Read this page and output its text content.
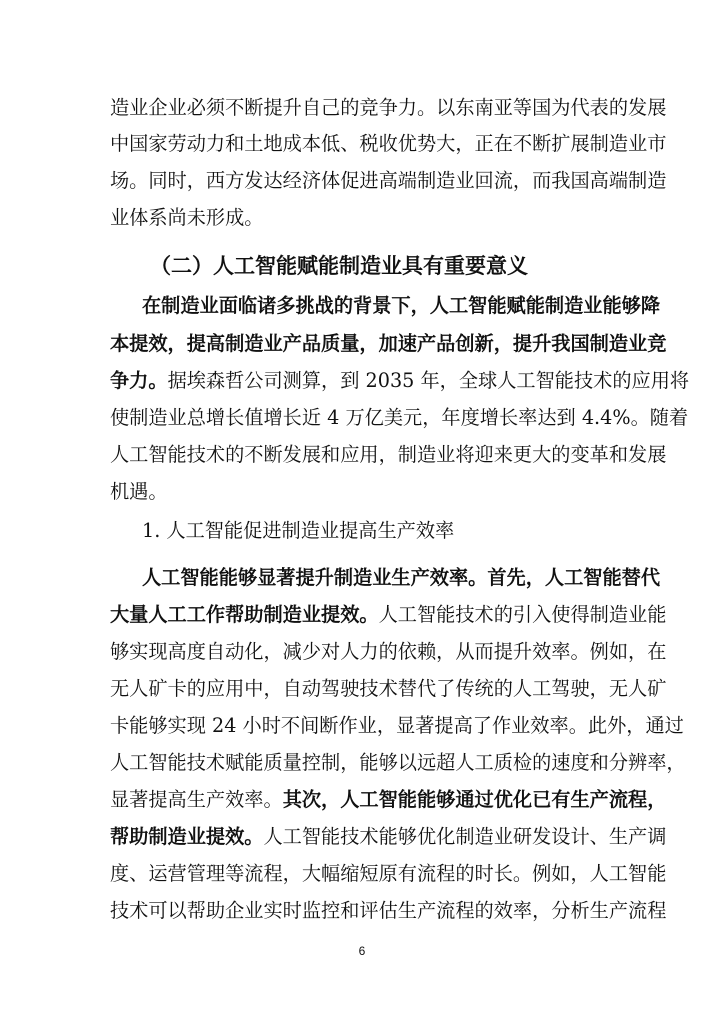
造业企业必须不断提升自己的竞争力。以东南亚等国为代表的发展
中国家劳动力和土地成本低、税收优势大，正在不断扩展制造业市
场。同时，西方发达经济体促进高端制造业回流，而我国高端制造
业体系尚未形成。
（二）人工智能赋能制造业具有重要意义
在制造业面临诸多挑战的背景下，人工智能赋能制造业能够降
本提效，提高制造业产品质量，加速产品创新，提升我国制造业竞
争力。据埃森哲公司测算，到 2035 年，全球人工智能技术的应用将
使制造业总增长值增长近 4 万亿美元，年度增长率达到 4.4%。随着
人工智能技术的不断发展和应用，制造业将迎来更大的变革和发展
机遇。
1. 人工智能促进制造业提高生产效率
人工智能能够显著提升制造业生产效率。首先，人工智能替代
大量人工工作帮助制造业提效。人工智能技术的引入使得制造业能
够实现高度自动化，减少对人力的依赖，从而提升效率。例如，在
无人矿卡的应用中，自动驾驶技术替代了传统的人工驾驶，无人矿
卡能够实现 24 小时不间断作业，显著提高了作业效率。此外，通过
人工智能技术赋能质量控制，能够以远超人工质检的速度和分辨率，
显著提高生产效率。其次，人工智能能够通过优化已有生产流程，
帮助制造业提效。人工智能技术能够优化制造业研发设计、生产调
度、运营管理等流程，大幅缩短原有流程的时长。例如，人工智能
技术可以帮助企业实时监控和评估生产流程的效率，分析生产流程
6
